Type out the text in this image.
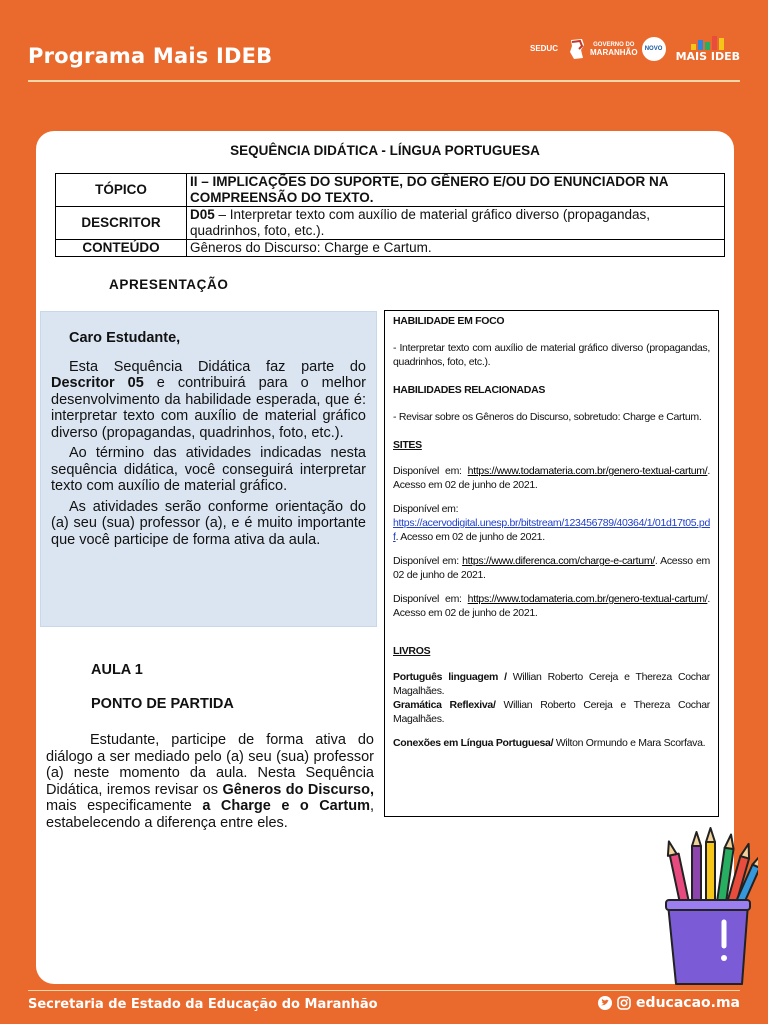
Programa Mais IDEB	SEDUC	GOVERNO DO
MARANHÃO	NOVO
MAIS IDEB
SEQUÊNCIA DIDÁTICA - LÍNGUA PORTUGUESA
TÓPICO	II – IMPLICAÇÕES DO SUPORTE, DO GÊNERO E/OU DO ENUNCIADOR NA COMPREENSÃO DO TEXTO.
DESCRITOR	D05 – Interpretar texto com auxílio de material gráfico diverso (propagandas, quadrinhos, foto, etc.).
CONTEÚDO	Gêneros do Discurso: Charge e Cartum.
APRESENTAÇÃO

Caro Estudante,

Esta Sequência Didática faz parte do Descritor 05 e contribuirá para o melhor desenvolvimento da habilidade esperada, que é: interpretar texto com auxílio de material gráfico diverso (propagandas, quadrinhos, foto, etc.).

Ao término das atividades indicadas nesta sequência didática, você conseguirá interpretar texto com auxílio de material gráfico.

As atividades serão conforme orientação do (a) seu (sua) professor (a), e é muito importante que você participe de forma ativa da aula.

HABILIDADE EM FOCO

- Interpretar texto com auxílio de material gráfico diverso (propagandas, quadrinhos, foto, etc.).

HABILIDADES RELACIONADAS

- Revisar sobre os Gêneros do Discurso, sobretudo: Charge e Cartum.

SITES

Disponível em: https://www.todamateria.com.br/genero-textual-cartum/. Acesso em 02 de junho de 2021.

Disponível em:
https://acervodigital.unesp.br/bitstream/123456789/40364/1/01d17t05.pdf. Acesso em 02 de junho de 2021.

Disponível em: https://www.diferenca.com/charge-e-cartum/. Acesso em 02 de junho de 2021.

Disponível em: https://www.todamateria.com.br/genero-textual-cartum/. Acesso em 02 de junho de 2021.

LIVROS

Português linguagem / Willian Roberto Cereja e Thereza Cochar Magalhães.

Gramática Reflexiva/ Willian Roberto Cereja e Thereza Cochar Magalhães.

Conexões em Língua Portuguesa/ Wilton Ormundo e Mara Scorfava.

AULA 1
PONTO DE PARTIDA

Estudante, participe de forma ativa do diálogo a ser mediado pelo (a) seu (sua) professor (a) neste momento da aula. Nesta Sequência Didática, iremos revisar os Gêneros do Discurso, mais especificamente a Charge e o Cartum, estabelecendo a diferença entre eles.

Secretaria de Estado da Educação do Maranhão	educacao.ma
